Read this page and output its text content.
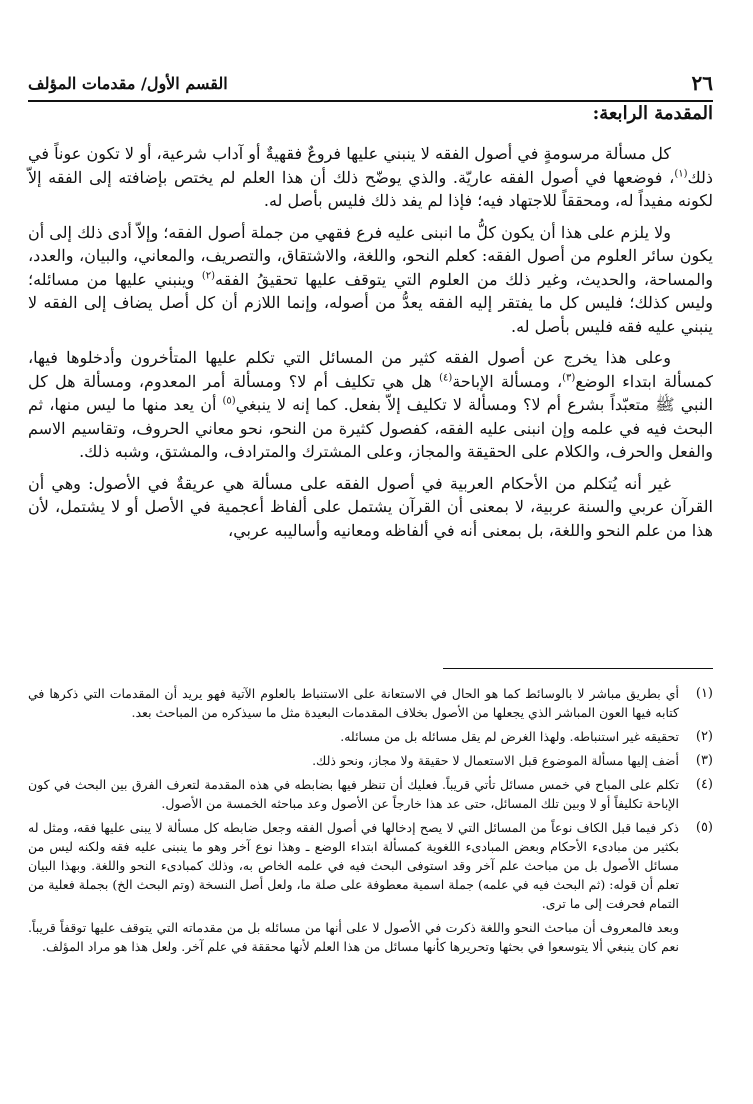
٢٦
القسم الأول/ مقدمات المؤلف
المقدمة الرابعة:

كل مسألة مرسومةٍ في أصول الفقه لا ينبني عليها فروعٌ فقهيةٌ أو آداب شرعية، أو لا تكون عوناً في ذلك$^{(١)}$، فوضعها في أصول الفقه عاريّة. والذي يوضّح ذلك أن هذا العلم لم يختص بإضافته إلى الفقه إلاّ لكونه مفيداً له، ومحققاً للاجتهاد فيه؛ فإذا لم يفد ذلك فليس بأصل له.

ولا يلزم على هذا أن يكون كلُّ ما انبنى عليه فرع فقهي من جملة أصول الفقه؛ وإلاّ أدى ذلك إلى أن يكون سائر العلوم من أصول الفقه: كعلم النحو، واللغة، والاشتقاق، والتصريف، والمعاني، والبيان، والعدد، والمساحة، والحديث، وغير ذلك من العلوم التي يتوقف عليها تحقيقُ الفقه$^{(٢)}$ وينبني عليها من مسائله؛ وليس كذلك؛ فليس كل ما يفتقر إليه الفقه يعدُّ من أصوله، وإنما اللازم أن كل أصل يضاف إلى الفقه لا ينبني عليه فقه فليس بأصل له.

وعلى هذا يخرج عن أصول الفقه كثير من المسائل التي تكلم عليها المتأخرون وأدخلوها فيها، كمسألة ابتداء الوضع$^{(٣)}$، ومسألة الإباحة$^{(٤)}$ هل هي تكليف أم لا؟ ومسألة أمر المعدوم، ومسألة هل كل النبي ﷺ متعبّداً بشرع أم لا؟ ومسألة لا تكليف إلاّ بفعل. كما إنه لا ينبغي$^{(٥)}$ أن يعد منها ما ليس منها، ثم البحث فيه في علمه وإن انبنى عليه الفقه، كفصول كثيرة من النحو، نحو معاني الحروف، وتقاسيم الاسم والفعل والحرف، والكلام على الحقيقة والمجاز، وعلى المشترك والمترادف، والمشتق، وشبه ذلك.

غير أنه يُتكلم من الأحكام العربية في أصول الفقه على مسألة هي عريقةٌ في الأصول: وهي أن القرآن عربي والسنة عربية، لا بمعنى أن القرآن يشتمل على ألفاظ أعجمية في الأصل أو لا يشتمل، لأن هذا من علم النحو واللغة، بل بمعنى أنه في ألفاظه ومعانيه وأساليبه عربي،

(١)
أي بطريق مباشر لا بالوسائط كما هو الحال في الاستعانة على الاستنباط بالعلوم الآتية فهو يريد أن المقدمات التي ذكرها في كتابه فيها العون المباشر الذي يجعلها من الأصول بخلاف المقدمات البعيدة مثل ما سيذكره من المباحث بعد.
(٢)
تحقيقه غير استنباطه. ولهذا الغرض لم يقل مسائله بل من مسائله.
(٣)
أضف إليها مسألة الموضوع قبل الاستعمال لا حقيقة ولا مجاز، ونحو ذلك.
(٤)
تكلم على المباح في خمس مسائل تأتي قريباً. فعليك أن تنظر فيها بضابطه في هذه المقدمة لتعرف الفرق بين البحث في كون الإباحة تكليفاً أو لا وبين تلك المسائل، حتى عد هذا خارجاً عن الأصول وعد مباحثه الخمسة من الأصول.
(٥)
ذكر فيما قبل الكاف نوعاً من المسائل التي لا يصح إدخالها في أصول الفقه وجعل ضابطه كل مسألة لا يبنى عليها فقه، ومثل له بكثير من مبادىء الأحكام وبعض المبادىء اللغوية كمسألة ابتداء الوضع ـ وهذا نوع آخر وهو ما ينبنى عليه فقه ولكنه ليس من مسائل الأصول بل من مباحث علم آخر وقد استوفى البحث فيه في علمه الخاص به، وذلك كمبادىء النحو واللغة. وبهذا البيان تعلم أن قوله: (ثم البحث فيه في علمه) جملة اسمية معطوفة على صلة ما، ولعل أصل النسخة (وتم البحث الخ) بجملة فعلية من التمام فحرفت إلى ما ترى.
وبعد فالمعروف أن مباحث النحو واللغة ذكرت في الأصول لا على أنها من مسائله بل من مقدماته التي يتوقف عليها توقفاً قريباً. نعم كان ينبغي ألا يتوسعوا في بحثها وتحريرها كأنها مسائل من هذا العلم لأنها محققة في علم آخر. ولعل هذا هو مراد المؤلف.
